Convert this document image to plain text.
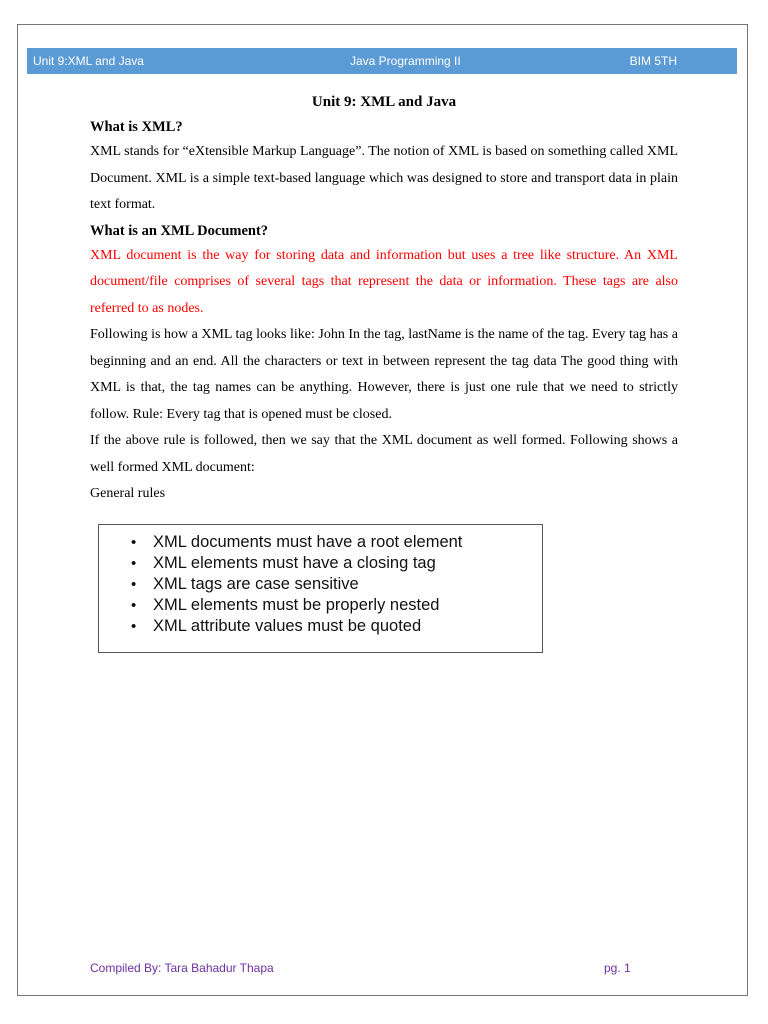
Unit 9:XML and Java	Java Programming II	BIM 5TH

Unit 9: XML and Java

What is XML?

XML stands for “eXtensible Markup Language”. The notion of XML is based on something called XML Document. XML is a simple text-based language which was designed to store and transport data in plain text format.

What is an XML Document?

XML document is the way for storing data and information but uses a tree like structure. An XML document/file comprises of several tags that represent the data or information. These tags are also referred to as nodes.

Following is how a XML tag looks like: John In the tag, lastName is the name of the tag. Every tag has a beginning and an end. All the characters or text in between represent the tag data The good thing with XML is that, the tag names can be anything. However, there is just one rule that we need to strictly follow. Rule: Every tag that is opened must be closed.

If the above rule is followed, then we say that the XML document as well formed. Following shows a well formed XML document:

General rules

• XML documents must have a root element
• XML elements must have a closing tag
• XML tags are case sensitive
• XML elements must be properly nested
• XML attribute values must be quoted
Compiled By: Tara Bahadur Thapa	pg. 1
